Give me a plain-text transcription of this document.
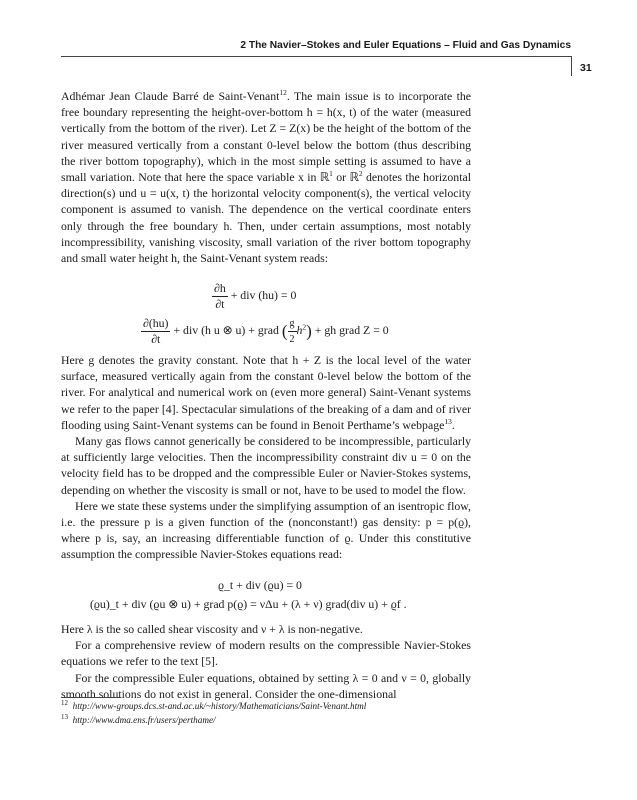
2 The Navier–Stokes and Euler Equations – Fluid and Gas Dynamics
31

Adhémar Jean Claude Barré de Saint-Venant$^{12}$. The main issue is to incorporate the free boundary representing the height-over-bottom h = h(x, t) of the water (measured vertically from the bottom of the river). Let Z = Z(x) be the height of the bottom of the river measured vertically from a constant 0-level below the bottom (thus describing the river bottom topography), which in the most simple setting is assumed to have a small variation. Note that here the space variable x in ℝ$^1$ or ℝ$^2$ denotes the horizontal direction(s) und u = u(x, t) the horizontal velocity component(s), the vertical velocity component is assumed to vanish. The dependence on the vertical coordinate enters only through the free boundary h. Then, under certain assumptions, most notably incompressibility, vanishing viscosity, small variation of the river bottom topography and small water height h, the Saint-Venant system reads:

$\frac{\partial h}{\partial t}$ + div (hu) = 0
$\frac{\partial(hu)}{\partial t}$ + div (h u ⊗ u) + grad ( $\frac{g}{2} h^2$) + gh grad Z = 0

Here g denotes the gravity constant. Note that h + Z is the local level of the water surface, measured vertically again from the constant 0-level below the bottom of the river. For analytical and numerical work on (even more general) Saint-Venant systems we refer to the paper [4]. Spectacular simulations of the breaking of a dam and of river flooding using Saint-Venant systems can be found in Benoit Perthame’s webpage$^{13}$.

Many gas flows cannot generically be considered to be incompressible, particularly at sufficiently large velocities. Then the incompressibility constraint div u = 0 on the velocity field has to be dropped and the compressible Euler or Navier-Stokes systems, depending on whether the viscosity is small or not, have to be used to model the flow.

Here we state these systems under the simplifying assumption of an isentropic flow, i.e. the pressure p is a given function of the (nonconstant!) gas density: p = p(ϱ), where p is, say, an increasing differentiable function of ϱ. Under this constitutive assumption the compressible Navier-Stokes equations read:

ϱ_t + div (ϱu) = 0
(ϱu)_t + div (ϱu ⊗ u) + grad p(ϱ) = νΔu + (λ + ν) grad(div u) + ϱf .

Here λ is the so called shear viscosity and ν + λ is non-negative.

For a comprehensive review of modern results on the compressible Navier-Stokes equations we refer to the text [5].

For the compressible Euler equations, obtained by setting λ = 0 and ν = 0, globally smooth solutions do not exist in general. Consider the one-dimensional

$^{12}$ http://www-groups.dcs.st-and.ac.uk/~history/Mathematicians/Saint-Venant.html
$^{13}$ http://www.dma.ens.fr/users/perthame/
